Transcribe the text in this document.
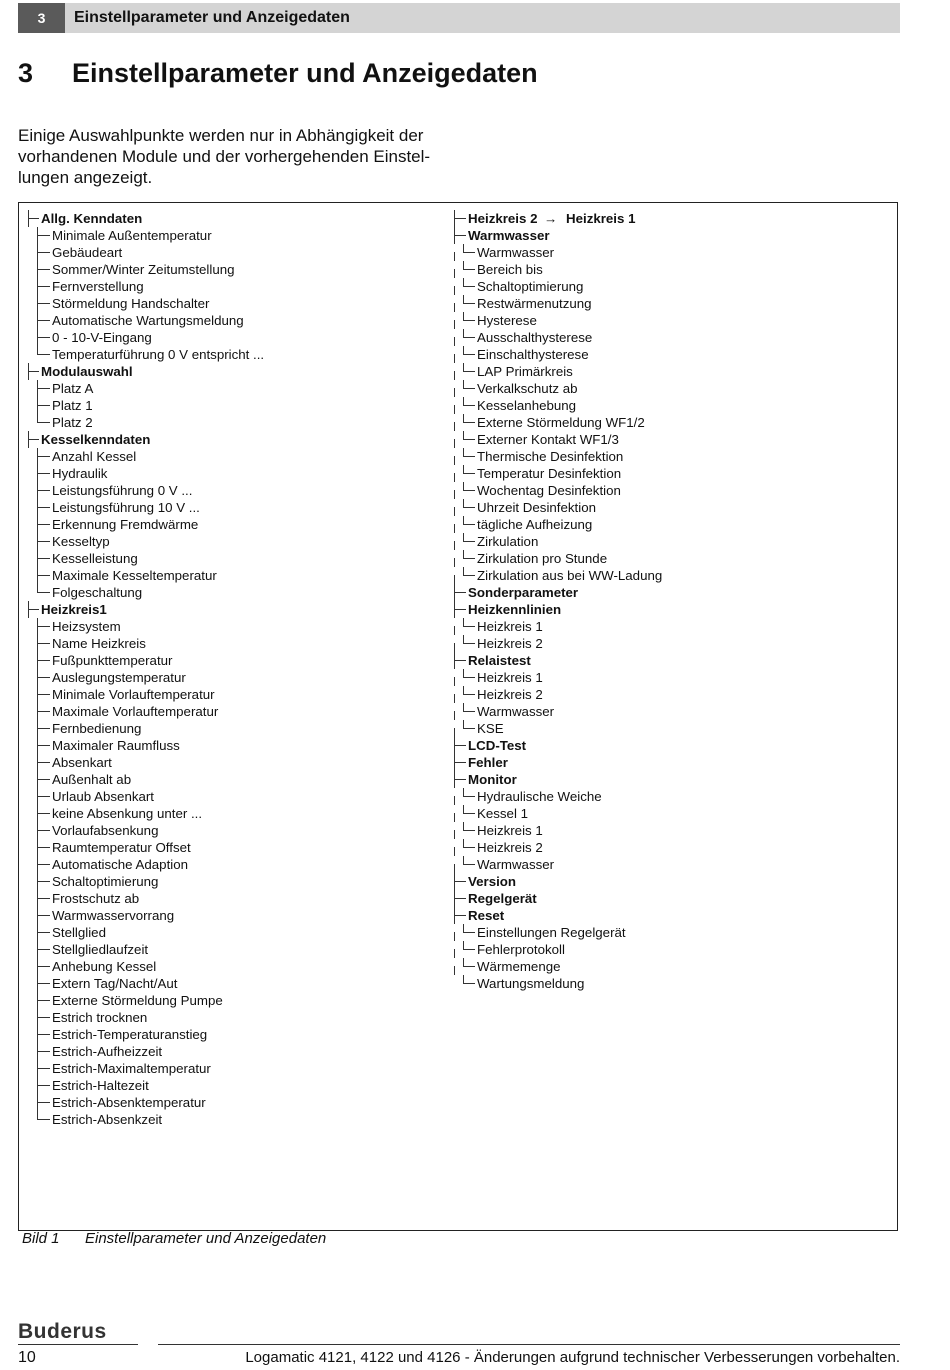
3	Einstellparameter und Anzeigedaten
3 Einstellparameter und Anzeigedaten
Einige Auswahlpunkte werden nur in Abhängigkeit der
vorhandenen Module und der vorhergehenden Einstel-
lungen angezeigt.
Allg. Kenndaten
Minimale Außentemperatur
Gebäudeart
Sommer/Winter Zeitumstellung
Fernverstellung
Störmeldung Handschalter
Automatische Wartungsmeldung
0 - 10-V-Eingang
Temperaturführung 0 V entspricht ...
Modulauswahl
Platz A
Platz 1
Platz 2
Kesselkenndaten
Anzahl Kessel
Hydraulik
Leistungsführung 0 V ...
Leistungsführung 10 V ...
Erkennung Fremdwärme
Kesseltyp
Kesselleistung
Maximale Kesseltemperatur
Folgeschaltung
Heizkreis1
Heizsystem
Name Heizkreis
Fußpunkttemperatur
Auslegungstemperatur
Minimale Vorlauftemperatur
Maximale Vorlauftemperatur
Fernbedienung
Maximaler Raumfluss
Absenkart
Außenhalt ab
Urlaub Absenkart
keine Absenkung unter ...
Vorlaufabsenkung
Raumtemperatur Offset
Automatische Adaption
Schaltoptimierung
Frostschutz ab
Warmwasservorrang
Stellglied
Stellgliedlaufzeit
Anhebung Kessel
Extern Tag/Nacht/Aut
Externe Störmeldung Pumpe
Estrich trocknen
Estrich-Temperaturanstieg
Estrich-Aufheizzeit
Estrich-Maximaltemperatur
Estrich-Haltezeit
Estrich-Absenktemperatur
Estrich-Absenkzeit
Heizkreis 2 → Heizkreis 1
Warmwasser
Warmwasser
Bereich bis
Schaltoptimierung
Restwärmenutzung
Hysterese
Ausschalthysterese
Einschalthysterese
LAP Primärkreis
Verkalkschutz ab
Kesselanhebung
Externe Störmeldung WF1/2
Externer Kontakt WF1/3
Thermische Desinfektion
Temperatur Desinfektion
Wochentag Desinfektion
Uhrzeit Desinfektion
tägliche Aufheizung
Zirkulation
Zirkulation pro Stunde
Zirkulation aus bei WW-Ladung
Sonderparameter
Heizkennlinien
Heizkreis 1
Heizkreis 2
Relaistest
Heizkreis 1
Heizkreis 2
Warmwasser
KSE
LCD-Test
Fehler
Monitor
Hydraulische Weiche
Kessel 1
Heizkreis 1
Heizkreis 2
Warmwasser
Version
Regelgerät
Reset
Einstellungen Regelgerät
Fehlerprotokoll
Wärmemenge
Wartungsmeldung
Bild 1 Einstellparameter und Anzeigedaten
Buderus
10	Logamatic 4121, 4122 und 4126 - Änderungen aufgrund technischer Verbesserungen vorbehalten.
